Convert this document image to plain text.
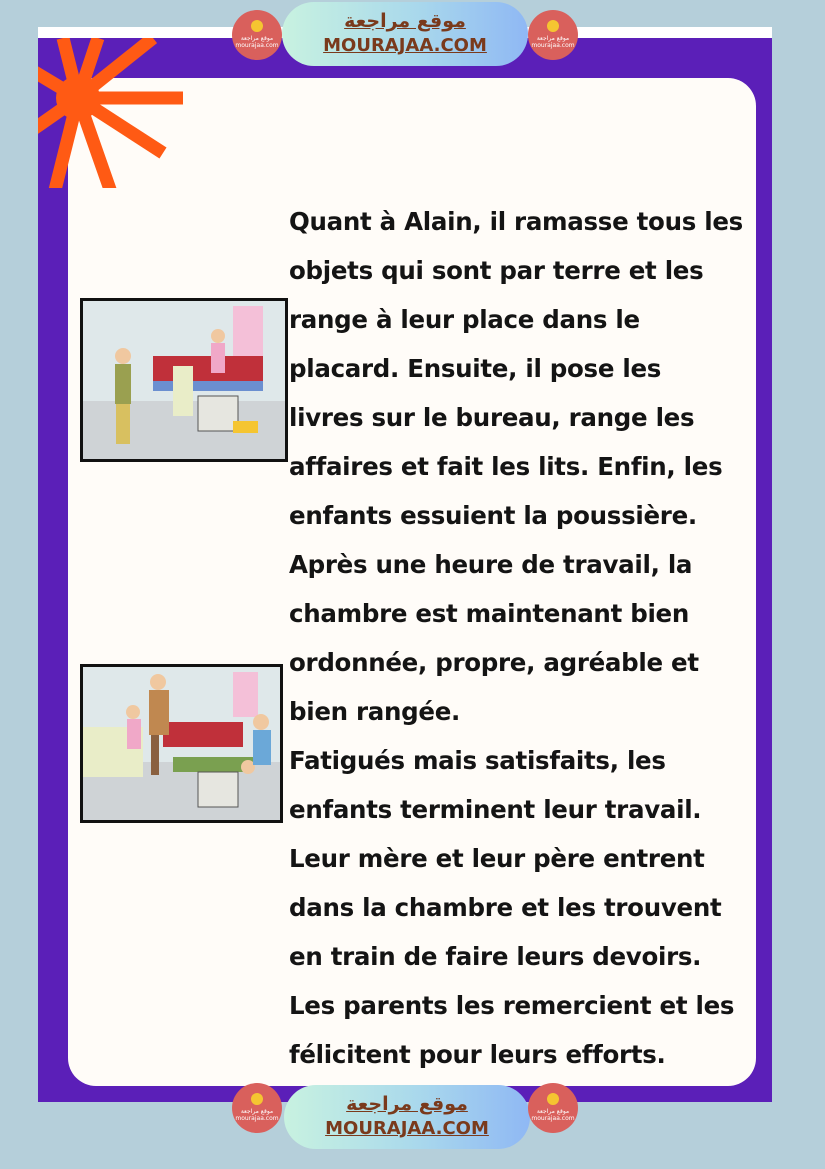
موقع مراجعة mourajaa.com
موقع مراجعة
MOURAJAA.COM	موقع مراجعة mourajaa.com
Quant à Alain, il ramasse tous les
objets qui sont par terre et les
range à leur place dans le
placard. Ensuite, il pose les
livres sur le bureau, range les
affaires et fait les lits. Enfin, les
enfants essuient la poussière.
Après une heure de travail, la
chambre est maintenant bien
ordonnée, propre, agréable et
bien rangée.
Fatigués mais satisfaits, les
enfants terminent leur travail.
Leur mère et leur père entrent
dans la chambre et les trouvent
en train de faire leurs devoirs.
Les parents les remercient et les
félicitent pour leurs efforts.
موقع مراجعة mourajaa.com
موقع مراجعة
MOURAJAA.COM
موقع مراجعة mourajaa.com
